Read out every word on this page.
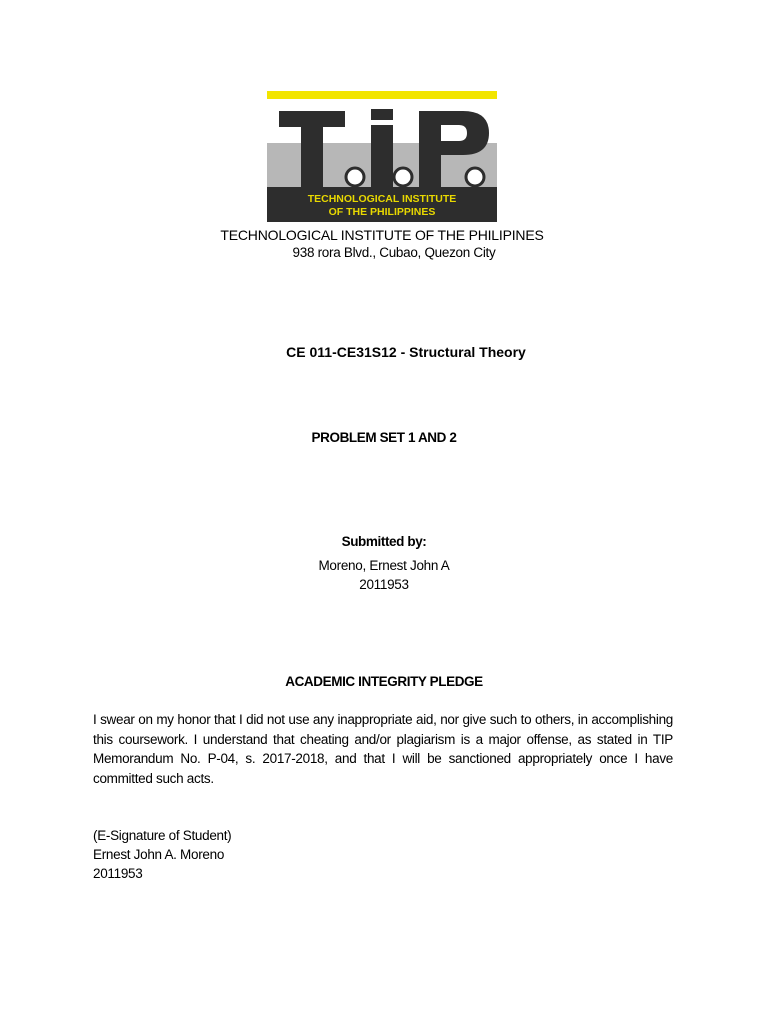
TECHNOLOGICAL INSTITUTE
OF THE PHILIPPINES
TECHNOLOGICAL INSTITUTE OF THE PHILIPINES
938 rora Blvd., Cubao, Quezon City
CE 011-CE31S12 - Structural Theory
PROBLEM SET 1 AND 2
Submitted by:
Moreno, Ernest John A
2011953
ACADEMIC INTEGRITY PLEDGE
I swear on my honor that I did not use any inappropriate aid, nor give such to others, in accomplishing this coursework. I understand that cheating and/or plagiarism is a major offense, as stated in TIP Memorandum No. P-04, s. 2017-2018, and that I will be sanctioned appropriately once I have committed such acts.
(E-Signature of Student)
Ernest John A. Moreno
2011953
